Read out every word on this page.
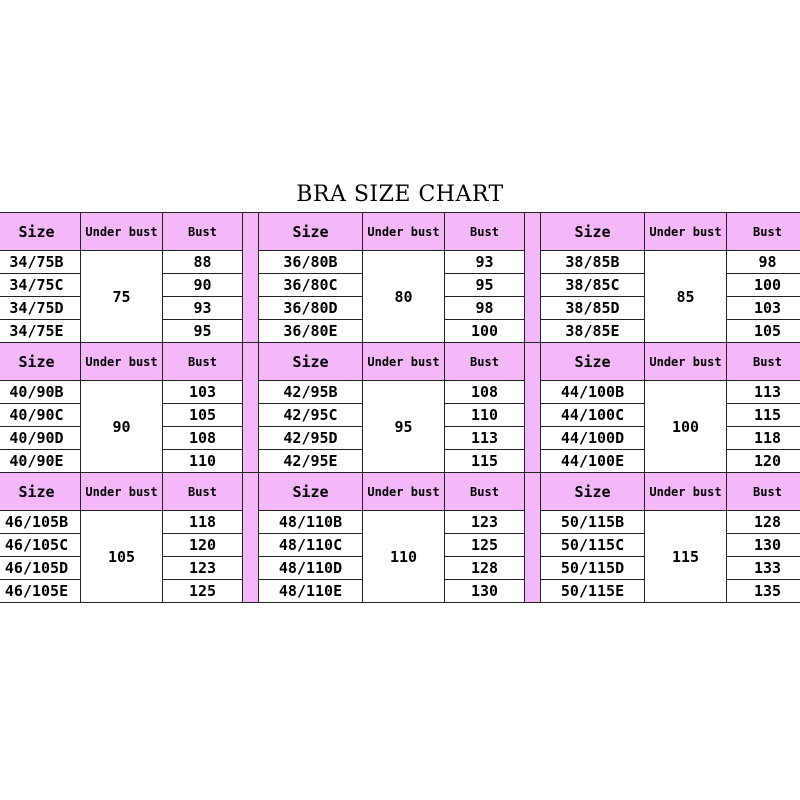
BRA SIZE CHART
Size	Under bust	Bust		Size	Under bust	Bust		Size	Under bust	Bust
34/75B	75	88		36/80B	80	93		38/85B	85	98
34/75C		90		36/80C		95		38/85C		100
34/75D		93		36/80D		98		38/85D		103
34/75E		95		36/80E		100		38/85E		105
Size	Under bust	Bust		Size	Under bust	Bust		Size	Under bust	Bust
40/90B	90	103		42/95B	95	108		44/100B	100	113
40/90C		105		42/95C		110		44/100C		115
40/90D		108		42/95D		113		44/100D		118
40/90E		110		42/95E		115		44/100E		120
Size	Under bust	Bust		Size	Under bust	Bust		Size	Under bust	Bust
46/105B	105	118		48/110B	110	123		50/115B	115	128
46/105C		120		48/110C		125		50/115C		130
46/105D		123		48/110D		128		50/115D		133
46/105E		125		48/110E		130		50/115E		135
